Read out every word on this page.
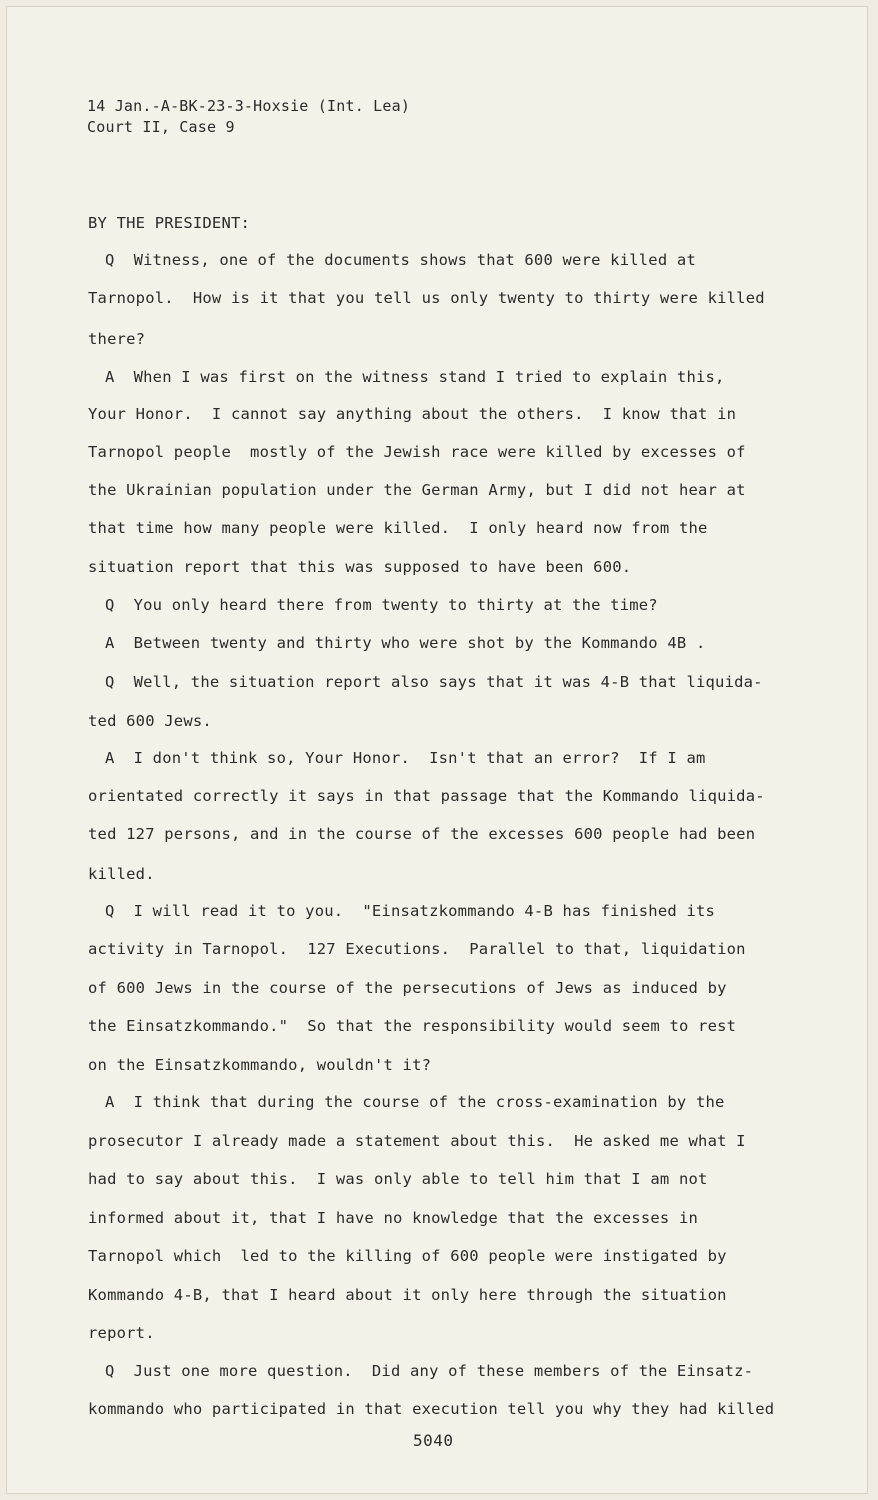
14 Jan.-A-BK-23-3-Hoxsie (Int. Lea)
Court II, Case 9
BY THE PRESIDENT:
Q  Witness, one of the documents shows that 600 were killed at
Tarnopol.  How is it that you tell us only twenty to thirty were killed
there?
A  When I was first on the witness stand I tried to explain this,
Your Honor.  I cannot say anything about the others.  I know that in
Tarnopol people  mostly of the Jewish race were killed by excesses of
the Ukrainian population under the German Army, but I did not hear at
that time how many people were killed.  I only heard now from the
situation report that this was supposed to have been 600.
Q  You only heard there from twenty to thirty at the time?
A  Between twenty and thirty who were shot by the Kommando 4B .
Q  Well, the situation report also says that it was 4-B that liquida-
ted 600 Jews.
A  I don't think so, Your Honor.  Isn't that an error?  If I am
orientated correctly it says in that passage that the Kommando liquida-
ted 127 persons, and in the course of the excesses 600 people had been
killed.
Q  I will read it to you.  "Einsatzkommando 4-B has finished its
activity in Tarnopol.  127 Executions.  Parallel to that, liquidation
of 600 Jews in the course of the persecutions of Jews as induced by
the Einsatzkommando."  So that the responsibility would seem to rest
on the Einsatzkommando, wouldn't it?
A  I think that during the course of the cross-examination by the
prosecutor I already made a statement about this.  He asked me what I
had to say about this.  I was only able to tell him that I am not
informed about it, that I have no knowledge that the excesses in
Tarnopol which  led to the killing of 600 people were instigated by
Kommando 4-B, that I heard about it only here through the situation
report.
Q  Just one more question.  Did any of these members of the Einsatz-
kommando who participated in that execution tell you why they had killed
5040
